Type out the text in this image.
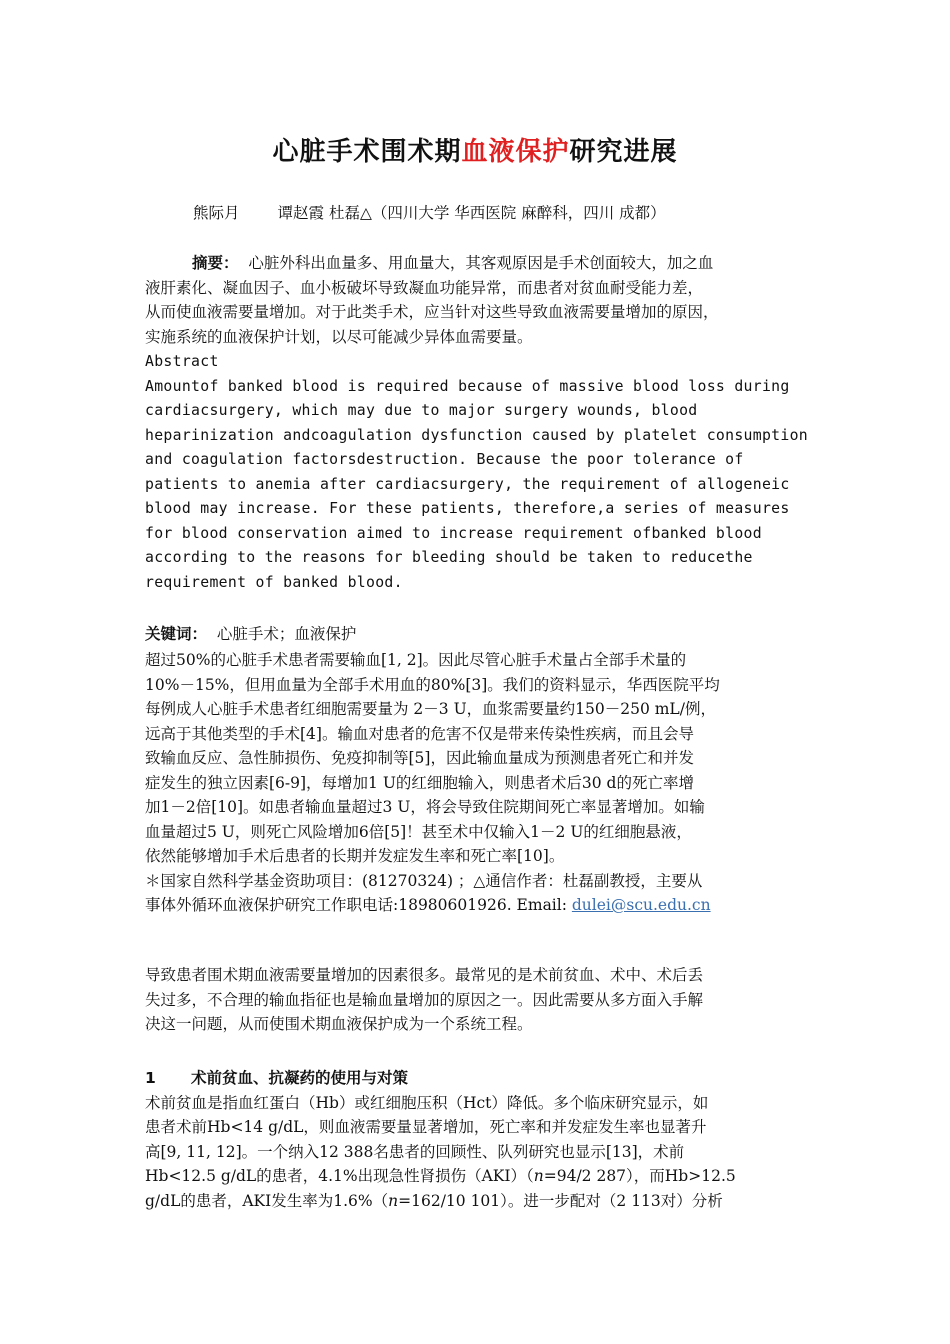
心脏手术围术期血液保护研究进展
熊际月 谭赵霞 杜磊△（四川大学 华西医院 麻醉科，四川 成都）
摘要： 心脏外科出血量多、用血量大，其客观原因是手术创面较大，加之血
液肝素化、凝血因子、血小板破坏导致凝血功能异常，而患者对贫血耐受能力差，
从而使血液需要量增加。对于此类手术，应当针对这些导致血液需要量增加的原因，
实施系统的血液保护计划，以尽可能减少异体血需要量。
Abstract
Amountof banked blood is required because of massive blood loss during
cardiacsurgery, which may due to major surgery wounds, blood
heparinization andcoagulation dysfunction caused by platelet consumption
and coagulation factorsdestruction. Because the poor tolerance of
patients to anemia after cardiacsurgery, the requirement of allogeneic
blood may increase. For these patients, therefore,a series of measures
for blood conservation aimed to increase requirement ofbanked blood
according to the reasons for bleeding should be taken to reducethe
requirement of banked blood.
关键词： 心脏手术；血液保护
超过50%的心脏手术患者需要输血[1, 2]。因此尽管心脏手术量占全部手术量的
10%－15%，但用血量为全部手术用血的80%[3]。我们的资料显示，华西医院平均
每例成人心脏手术患者红细胞需要量为 2－3 U，血浆需要量约150－250 mL/例，
远高于其他类型的手术[4]。输血对患者的危害不仅是带来传染性疾病，而且会导
致输血反应、急性肺损伤、免疫抑制等[5]，因此输血量成为预测患者死亡和并发
症发生的独立因素[6-9]，每增加1 U的红细胞输入，则患者术后30 d的死亡率增
加1－2倍[10]。如患者输血量超过3 U，将会导致住院期间死亡率显著增加。如输
血量超过5 U，则死亡风险增加6倍[5]！甚至术中仅输入1－2 U的红细胞悬液，
依然能够增加手术后患者的长期并发症发生率和死亡率[10]。
＊国家自然科学基金资助项目：(81270324) ；△通信作者：杜磊副教授，主要从
事体外循环血液保护研究工作职电话:18980601926. Email: dulei@scu.edu.cn
导致患者围术期血液需要量增加的因素很多。最常见的是术前贫血、术中、术后丢
失过多，不合理的输血指征也是输血量增加的原因之一。因此需要从多方面入手解
决这一问题，从而使围术期血液保护成为一个系统工程。
1 术前贫血、抗凝药的使用与对策
术前贫血是指血红蛋白（Hb）或红细胞压积（Hct）降低。多个临床研究显示，如
患者术前Hb<14 g/dL，则血液需要量显著增加，死亡率和并发症发生率也显著升
高[9, 11, 12]。一个纳入12 388名患者的回顾性、队列研究也显示[13]，术前
Hb<12.5 g/dL的患者，4.1%出现急性肾损伤（AKI）（n=94/2 287），而Hb>12.5
g/dL的患者，AKI发生率为1.6%（n=162/10 101）。进一步配对（2 113对）分析
